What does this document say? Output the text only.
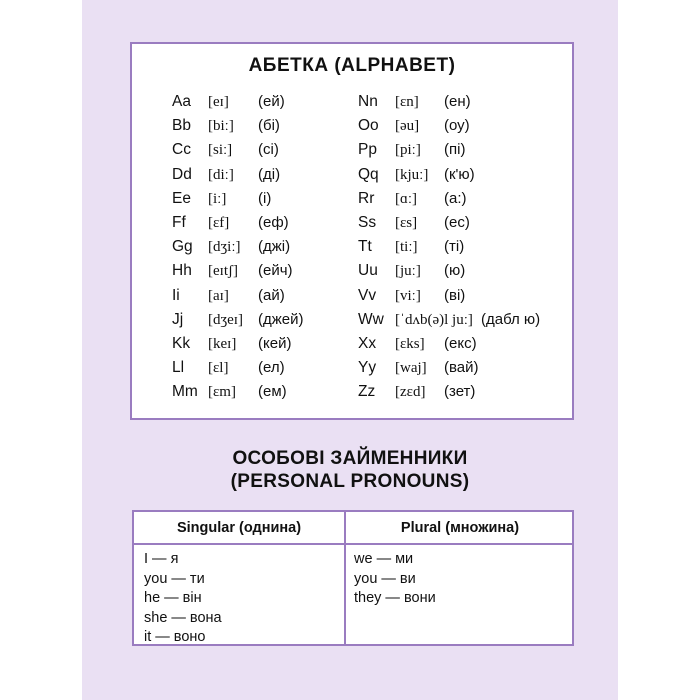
АБЕТКА (ALPHABET)
Aa [eɪ] (ей)
Bb [biː] (бі)
Cc [siː] (сі)
Dd [diː] (ді)
Ee [iː] (і)
Ff [ɛf] (еф)
Gg [dʒiː] (джі)
Hh [eɪtʃ] (ейч)
Ii [aɪ] (ай)
Jj [dʒeɪ] (джей)
Kk [keɪ] (кей)
Ll [ɛl] (ел)
Mm [ɛm] (ем)
Nn [ɛn] (ен)
Oo [əu] (оу)
Pp [piː] (пі)
Qq [kjuː] (к'ю)
Rr [ɑː] (а:)
Ss [ɛs] (ес)
Tt [tiː] (ті)
Uu [juː] (ю)
Vv [viː] (ві)
Ww [ˈdʌb(ə)l juː] (дабл ю)
Xx [ɛks] (екс)
Yy [waj] (вай)
Zz [zɛd] (зет)
ОСОБОВІ ЗАЙМЕННИКИ
(PERSONAL PRONOUNS)
Singular (однина)	Plural (множина)
I — я
you — ти
he — він
she — вона
it — воно
we — ми
you — ви
they — вони
